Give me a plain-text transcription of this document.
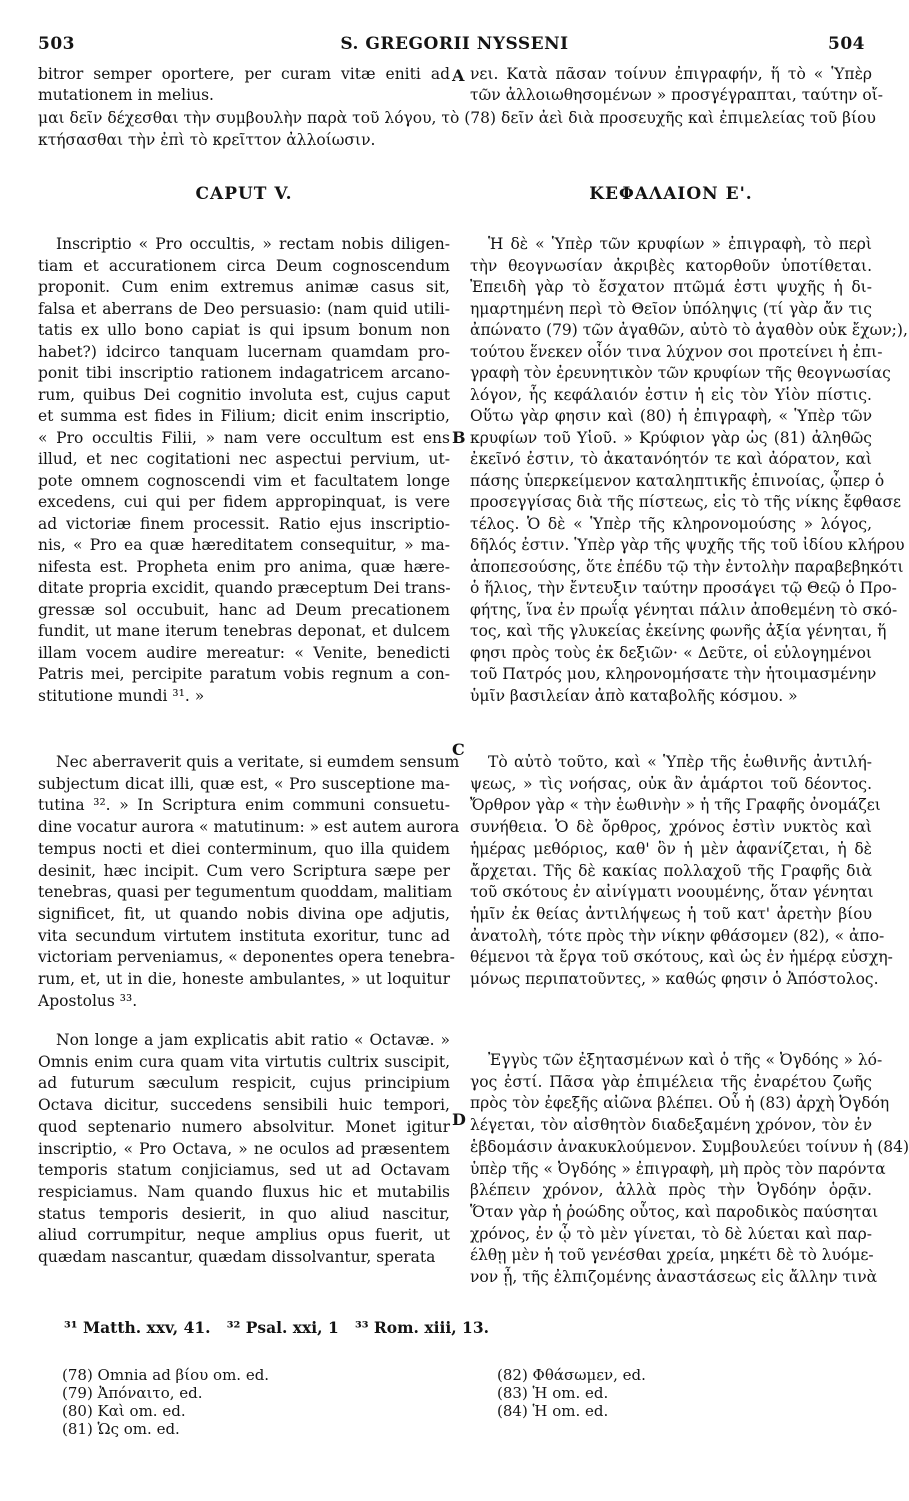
503	S. GREGORII NYSSENI	504
bitror semper oportere, per curam vitæ eniti ad
mutationem in melius.
νει. Κατὰ πᾶσαν τοίνυν ἐπιγραφήν, ἥ τὸ « Ὑπὲρ
τῶν ἀλλοιωθησομένων » προσγέγραπται, ταύτην οἴ-
μαι δεῖν δέχεσθαι τὴν συμβουλὴν παρὰ τοῦ λόγου, τὸ (78) δεῖν ἀεὶ διὰ προσευχῆς καὶ ἐπιμελείας τοῦ βίου
κτήσασθαι τὴν ἐπὶ τὸ κρεῖττον ἀλλοίωσιν.
CAPUT V.	ΚΕΦΑΛΑΙΟΝ Ε'.
Inscriptio « Pro occultis, » rectam nobis diligen-
tiam et accurationem circa Deum cognoscendum
proponit. Cum enim extremus animæ casus sit,
falsa et aberrans de Deo persuasio: (nam quid utili-
tatis ex ullo bono capiat is qui ipsum bonum non
habet?) idcirco tanquam lucernam quamdam pro-
ponit tibi inscriptio rationem indagatricem arcano-
rum, quibus Dei cognitio involuta est, cujus caput
et summa est fides in Filium; dicit enim inscriptio,
« Pro occultis Filii, » nam vere occultum est ens
illud, et nec cogitationi nec aspectui pervium, ut-
pote omnem cognoscendi vim et facultatem longe
excedens, cui qui per fidem appropinquat, is vere
ad victoriæ finem processit. Ratio ejus inscriptio-
nis, « Pro ea quæ hæreditatem consequitur, » ma-
nifesta est. Propheta enim pro anima, quæ hære-
ditate propria excidit, quando præceptum Dei trans-
gressæ sol occubuit, hanc ad Deum precationem
fundit, ut mane iterum tenebras deponat, et dulcem
illam vocem audire mereatur: « Venite, benedicti
Patris mei, percipite paratum vobis regnum a con-
stitutione mundi ³¹. »
Nec aberraverit quis a veritate, si eumdem sensum
subjectum dicat illi, quæ est, « Pro susceptione ma-
tutina ³². » In Scriptura enim communi consuetu-
dine vocatur aurora « matutinum: » est autem aurora
tempus nocti et diei conterminum, quo illa quidem
desinit, hæc incipit. Cum vero Scriptura sæpe per
tenebras, quasi per tegumentum quoddam, malitiam
significet, fit, ut quando nobis divina ope adjutis,
vita secundum virtutem instituta exoritur, tunc ad
victoriam perveniamus, « deponentes opera tenebra-
rum, et, ut in die, honeste ambulantes, » ut loquitur
Apostolus ³³.
Non longe a jam explicatis abit ratio « Octavæ. »
Omnis enim cura quam vita virtutis cultrix suscipit,
ad futurum sæculum respicit, cujus principium
Octava dicitur, succedens sensibili huic tempori,
quod septenario numero absolvitur. Monet igitur
inscriptio, « Pro Octava, » ne oculos ad præsentem
temporis statum conjiciamus, sed ut ad Octavam
respiciamus. Nam quando fluxus hic et mutabilis
status temporis desierit, in quo aliud nascitur,
aliud corrumpitur, neque amplius opus fuerit, ut
quædam nascantur, quædam dissolvantur, sperata
Ἡ δὲ « Ὑπὲρ τῶν κρυφίων » ἐπιγραφὴ, τὸ περὶ
τὴν θεογνωσίαν ἀκριβὲς κατορθοῦν ὑποτίθεται.
Ἐπειδὴ γὰρ τὸ ἔσχατον πτῶμά ἐστι ψυχῆς ἡ δι-
ημαρτημένη περὶ τὸ Θεῖον ὑπόληψις (τί γὰρ ἄν τις
ἀπώνατο (79) τῶν ἀγαθῶν, αὐτὸ τὸ ἀγαθὸν οὐκ ἔχων;),
τούτου ἕνεκεν οἷόν τινα λύχνον σοι προτείνει ἡ ἐπι-
γραφὴ τὸν ἐρευνητικὸν τῶν κρυφίων τῆς θεογνωσίας
λόγον, ἧς κεφάλαιόν ἐστιν ἡ εἰς τὸν Υἱὸν πίστις.
Οὕτω γὰρ φησιν καὶ (80) ἡ ἐπιγραφὴ, « Ὑπὲρ τῶν
κρυφίων τοῦ Υἱοῦ. » Κρύφιον γὰρ ὡς (81) ἀληθῶς
ἐκεῖνό ἐστιν, τὸ ἀκατανόητόν τε καὶ ἀόρατον, καὶ
πάσης ὑπερκείμενον καταληπτικῆς ἐπινοίας, ᾧπερ ὁ
προσεγγίσας διὰ τῆς πίστεως, εἰς τὸ τῆς νίκης ἔφθασε
τέλος. Ὁ δὲ « Ὑπὲρ τῆς κληρονομούσης » λόγος,
δῆλός ἐστιν. Ὑπὲρ γὰρ τῆς ψυχῆς τῆς τοῦ ἰδίου κλήρου
ἀποπεσούσης, ὅτε ἐπέδυ τῷ τὴν ἐντολὴν παραβεβηκότι
ὁ ἥλιος, τὴν ἔντευξιν ταύτην προσάγει τῷ Θεῷ ὁ Προ-
φήτης, ἵνα ἐν πρωΐᾳ γένηται πάλιν ἀποθεμένη τὸ σκό-
τος, καὶ τῆς γλυκείας ἐκείνης φωνῆς ἀξία γένηται, ἥ
φησι πρὸς τοὺς ἐκ δεξιῶν· « Δεῦτε, οἱ εὐλογημένοι
τοῦ Πατρός μου, κληρονομήσατε τὴν ἡτοιμασμένην
ὑμῖν βασιλείαν ἀπὸ καταβολῆς κόσμου. »
Τὸ αὐτὸ τοῦτο, καὶ « Ὑπὲρ τῆς ἑωθινῆς ἀντιλή-
ψεως, » τὶς νοήσας, οὐκ ἂν ἁμάρτοι τοῦ δέοντος.
Ὄρθρον γὰρ « τὴν ἑωθινὴν » ἡ τῆς Γραφῆς ὀνομάζει
συνήθεια. Ὁ δὲ ὄρθρος, χρόνος ἐστὶν νυκτὸς καὶ
ἡμέρας μεθόριος, καθ' ὃν ἡ μὲν ἀφανίζεται, ἡ δὲ
ἄρχεται. Τῆς δὲ κακίας πολλαχοῦ τῆς Γραφῆς διὰ
τοῦ σκότους ἐν αἰνίγματι νοουμένης, ὅταν γένηται
ἡμῖν ἐκ θείας ἀντιλήψεως ἡ τοῦ κατ' ἀρετὴν βίου
ἀνατολὴ, τότε πρὸς τὴν νίκην φθάσομεν (82), « ἀπο-
θέμενοι τὰ ἔργα τοῦ σκότους, καὶ ὡς ἐν ἡμέρᾳ εὐσχη-
μόνως περιπατοῦντες, » καθώς φησιν ὁ Ἀπόστολος.
Ἐγγὺς τῶν ἐξητασμένων καὶ ὁ τῆς « Ὀγδόης » λό-
γος ἐστί. Πᾶσα γὰρ ἐπιμέλεια τῆς ἐναρέτου ζωῆς
πρὸς τὸν ἐφεξῆς αἰῶνα βλέπει. Οὗ ἡ (83) ἀρχὴ Ὀγδόη
λέγεται, τὸν αἰσθητὸν διαδεξαμένη χρόνον, τὸν ἐν
ἑβδομάσιν ἀνακυκλούμενον. Συμβουλεύει τοίνυν ἡ (84)
ὑπὲρ τῆς « Ὀγδόης » ἐπιγραφὴ, μὴ πρὸς τὸν παρόντα
βλέπειν χρόνον, ἀλλὰ πρὸς τὴν Ὀγδόην ὁρᾷν.
Ὅταν γὰρ ἡ ῥοώδης οὗτος, καὶ παροδικὸς παύσηται
χρόνος, ἐν ᾧ τὸ μὲν γίνεται, τὸ δὲ λύεται καὶ παρ-
έλθῃ μὲν ἡ τοῦ γενέσθαι χρεία, μηκέτι δὲ τὸ λυόμε-
νον ᾖ, τῆς ἐλπιζομένης ἀναστάσεως εἰς ἄλλην τινὰ
A
B
C
D
³¹ Matth. xxv, 41.   ³² Psal. xxi, 1   ³³ Rom. xiii, 13.
(78) Omnia ad βίου om. ed.
(79) Ἀπόναιτο, ed.
(80) Καὶ om. ed.
(81) Ὡς om. ed.
(82) Φθάσωμεν, ed.
(83) Ἡ om. ed.
(84) Ἡ om. ed.
